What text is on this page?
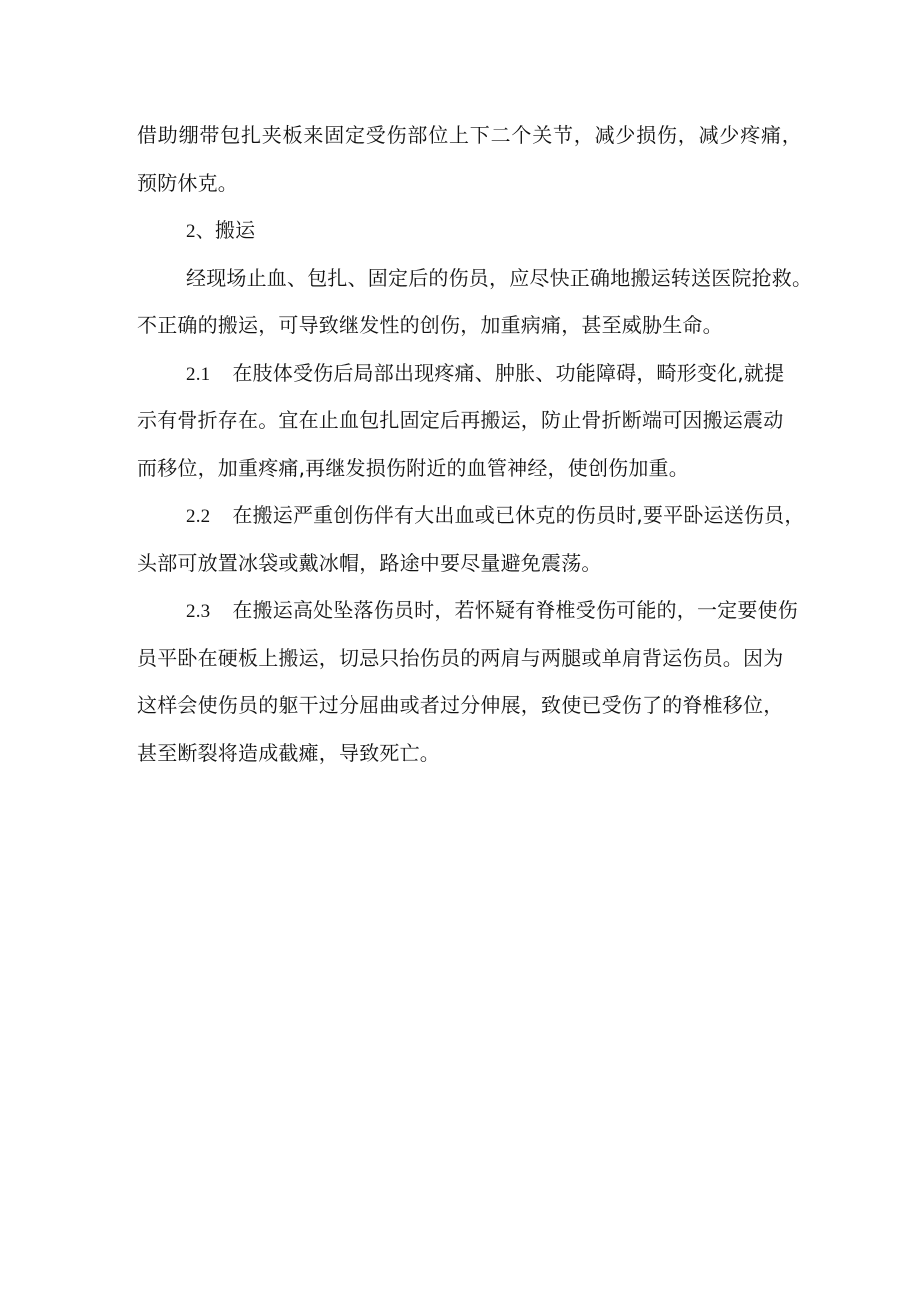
借助绷带包扎夹板来固定受伤部位上下二个关节，减少损伤，减少疼痛，
预防休克。
2、搬运
经现场止血、包扎、固定后的伤员，应尽快正确地搬运转送医院抢救。
不正确的搬运，可导致继发性的创伤，加重病痛，甚至威胁生命。
2.1 在肢体受伤后局部出现疼痛、肿胀、功能障碍，畸形变化,就提
示有骨折存在。宜在止血包扎固定后再搬运，防止骨折断端可因搬运震动
而移位，加重疼痛,再继发损伤附近的血管神经，使创伤加重。
2.2 在搬运严重创伤伴有大出血或已休克的伤员时,要平卧运送伤员，
头部可放置冰袋或戴冰帽，路途中要尽量避免震荡。
2.3 在搬运高处坠落伤员时，若怀疑有脊椎受伤可能的，一定要使伤
员平卧在硬板上搬运，切忌只抬伤员的两肩与两腿或单肩背运伤员。因为
这样会使伤员的躯干过分屈曲或者过分伸展，致使已受伤了的脊椎移位，
甚至断裂将造成截瘫，导致死亡。
